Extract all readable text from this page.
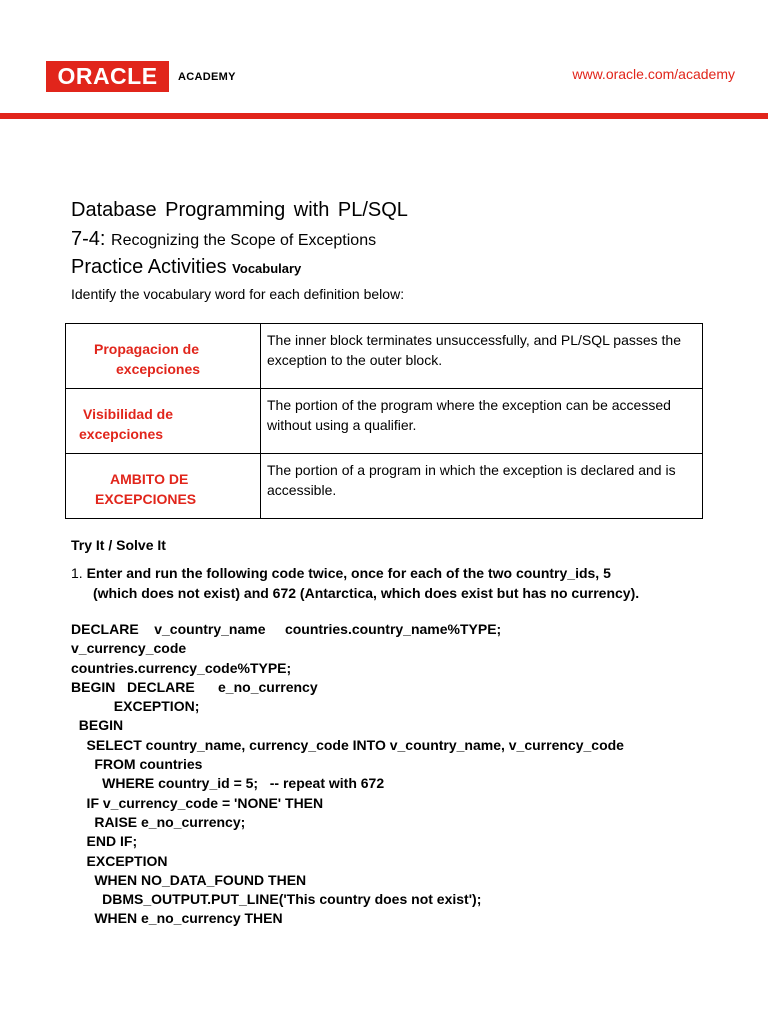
ORACLE ACADEMY	www.oracle.com/academy
Database Programming with PL/SQL
7-4: Recognizing the Scope of Exceptions
Practice Activities Vocabulary
Identify the vocabulary word for each definition below:
Propagacion de
excepciones	The inner block terminates unsuccessfully, and PL/SQL passes the exception to the outer block.

Visibilidad de
excepciones	The portion of the program where the exception can be accessed without using a qualifier.

AMBITO DE
EXCEPCIONES	The portion of a program in which the exception is declared and is accessible.
Try It / Solve It
1. Enter and run the following code twice, once for each of the two country_ids, 5
(which does not exist) and 672 (Antarctica, which does exist but has no currency).
DECLARE    v_country_name     countries.country_name%TYPE;
v_currency_code
countries.currency_code%TYPE;
BEGIN   DECLARE      e_no_currency
EXCEPTION;
BEGIN
SELECT country_name, currency_code INTO v_country_name, v_currency_code
FROM countries
WHERE country_id = 5;   -- repeat with 672
IF v_currency_code = 'NONE' THEN
RAISE e_no_currency;
END IF;
EXCEPTION
WHEN NO_DATA_FOUND THEN
DBMS_OUTPUT.PUT_LINE('This country does not exist');
WHEN e_no_currency THEN
